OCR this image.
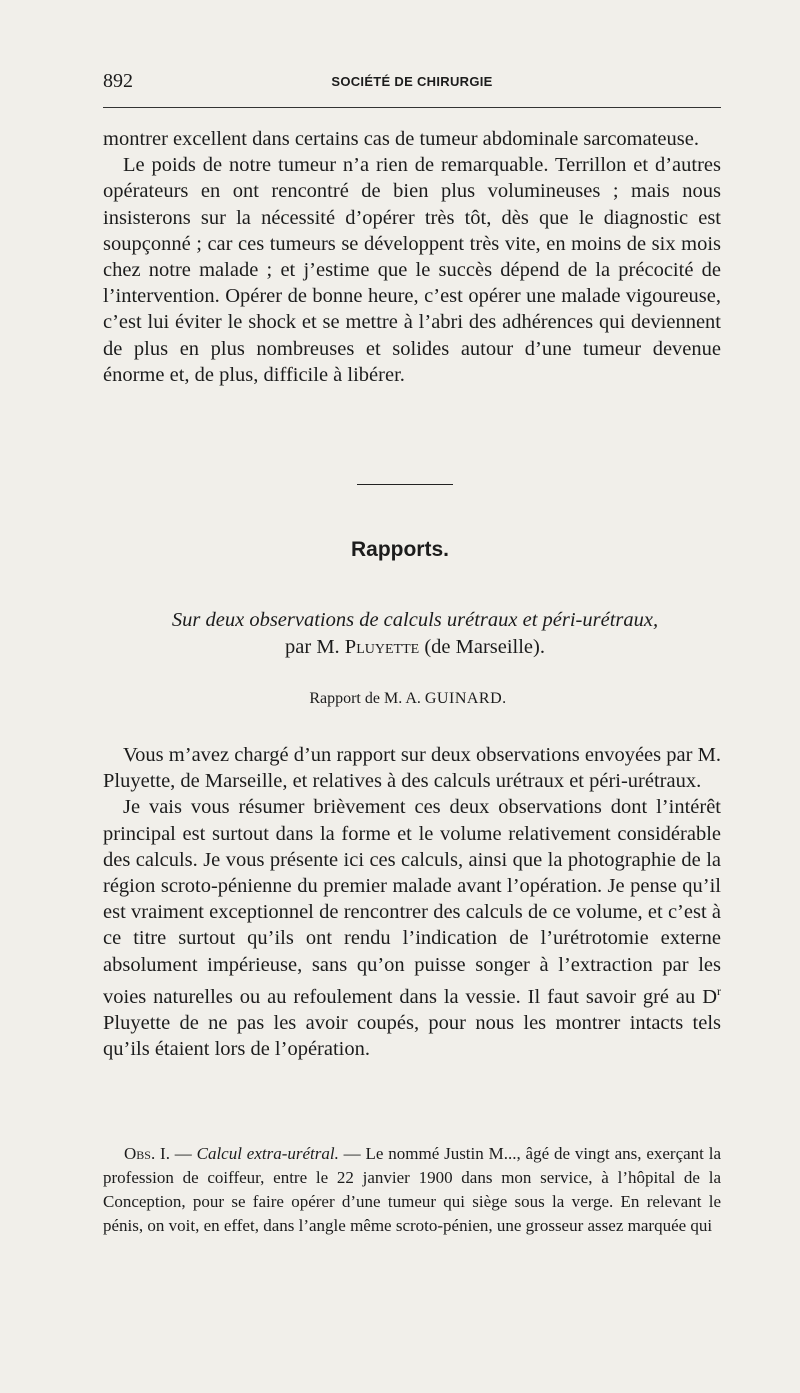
892	SOCIÉTÉ DE CHIRURGIE

montrer excellent dans certains cas de tumeur abdominale sarcomateuse.

Le poids de notre tumeur n’a rien de remarquable. Terrillon et d’autres opérateurs en ont rencontré de bien plus volumineuses ; mais nous insisterons sur la nécessité d’opérer très tôt, dès que le diagnostic est soupçonné ; car ces tumeurs se développent très vite, en moins de six mois chez notre malade ; et j’estime que le succès dépend de la précocité de l’intervention. Opérer de bonne heure, c’est opérer une malade vigoureuse, c’est lui éviter le shock et se mettre à l’abri des adhérences qui deviennent de plus en plus nombreuses et solides autour d’une tumeur devenue énorme et, de plus, difficile à libérer.

Rapports.
Sur deux observations de calculs urétraux et péri-urétraux,
par M. Pluyette (de Marseille).
Rapport de M. A. GUINARD.

Vous m’avez chargé d’un rapport sur deux observations envoyées par M. Pluyette, de Marseille, et relatives à des calculs urétraux et péri-urétraux.

Je vais vous résumer brièvement ces deux observations dont l’intérêt principal est surtout dans la forme et le volume relativement considérable des calculs. Je vous présente ici ces calculs, ainsi que la photographie de la région scroto-pénienne du premier malade avant l’opération. Je pense qu’il est vraiment exceptionnel de rencontrer des calculs de ce volume, et c’est à ce titre surtout qu’ils ont rendu l’indication de l’urétrotomie externe absolument impérieuse, sans qu’on puisse songer à l’extraction par les voies naturelles ou au refoulement dans la vessie. Il faut savoir gré au $D^r$ Pluyette de ne pas les avoir coupés, pour nous les montrer intacts tels qu’ils étaient lors de l’opération.

Obs. I. — Calcul extra-urétral. — Le nommé Justin M..., âgé de vingt ans, exerçant la profession de coiffeur, entre le 22 janvier 1900 dans mon service, à l’hôpital de la Conception, pour se faire opérer d’une tumeur qui siège sous la verge. En relevant le pénis, on voit, en effet, dans l’angle même scroto-pénien, une grosseur assez marquée qui
